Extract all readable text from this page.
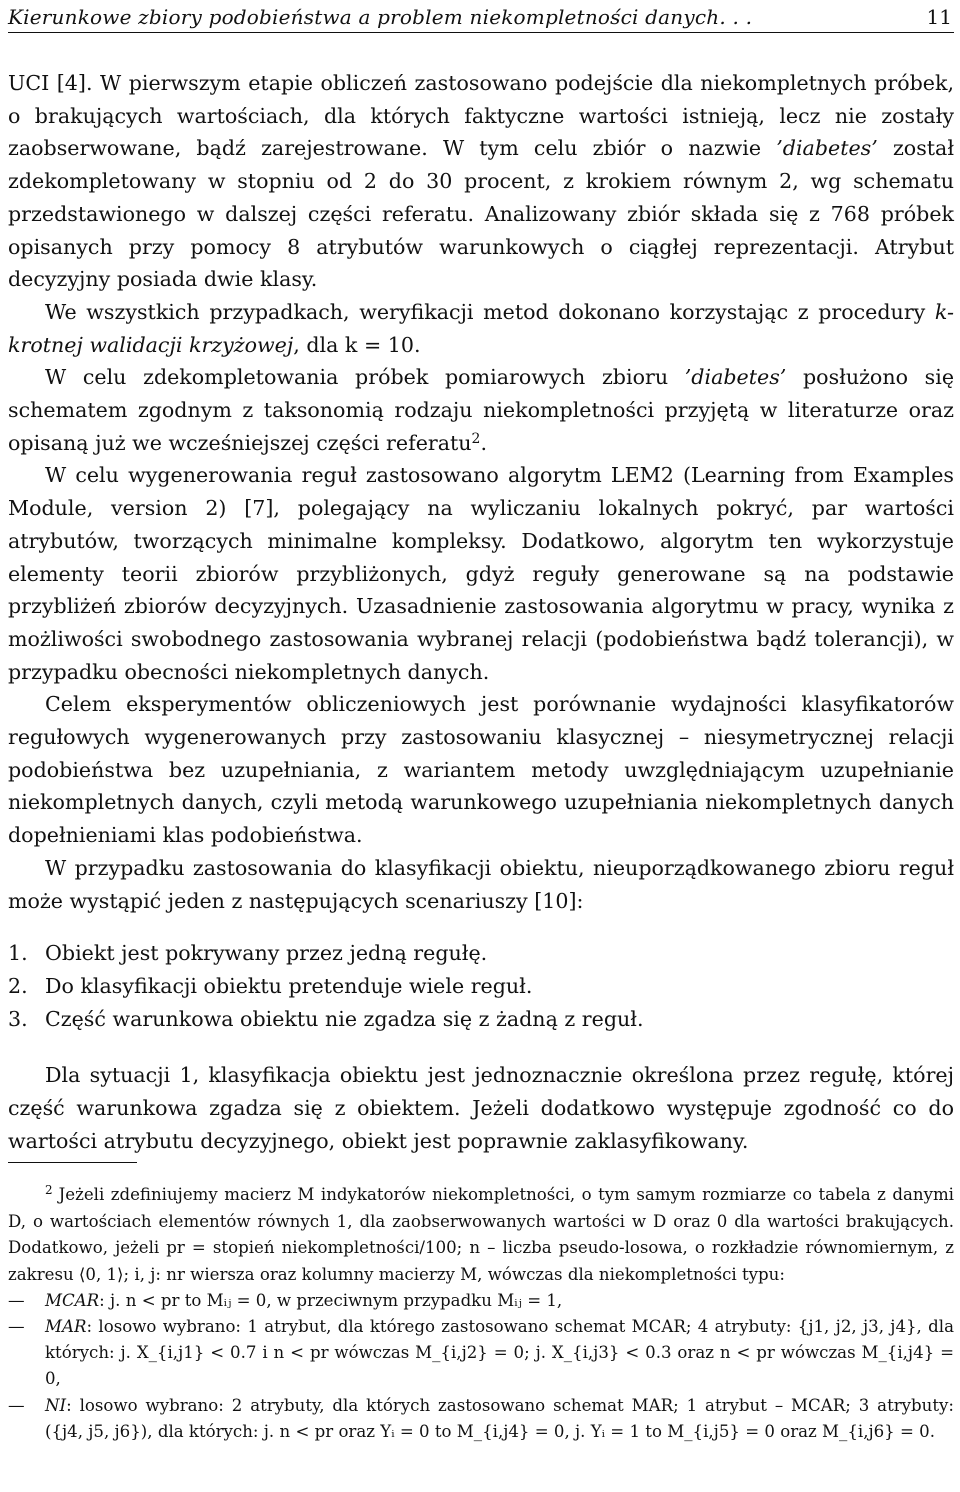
Kierunkowe zbiory podobieństwa a problem niekompletności danych. . .	11

UCI [4]. W pierwszym etapie obliczeń zastosowano podejście dla niekompletnych próbek, o brakujących wartościach, dla których faktyczne wartości istnieją, lecz nie zostały zaobserwowane, bądź zarejestrowane. W tym celu zbiór o nazwie ’diabetes’ został zdekompletowany w stopniu od 2 do 30 procent, z krokiem równym 2, wg schematu przedstawionego w dalszej części referatu. Analizowany zbiór składa się z 768 próbek opisanych przy pomocy 8 atrybutów warunkowych o ciągłej reprezentacji. Atrybut decyzyjny posiada dwie klasy.

We wszystkich przypadkach, weryfikacji metod dokonano korzystając z procedury k-krotnej walidacji krzyżowej, dla k = 10.

W celu zdekompletowania próbek pomiarowych zbioru ’diabetes’ posłużono się schematem zgodnym z taksonomią rodzaju niekompletności przyjętą w literaturze oraz opisaną już we wcześniejszej części referatu$^2$.

W celu wygenerowania reguł zastosowano algorytm LEM2 (Learning from Examples Module, version 2) [7], polegający na wyliczaniu lokalnych pokryć, par wartości atrybutów, tworzących minimalne kompleksy. Dodatkowo, algorytm ten wykorzystuje elementy teorii zbiorów przybliżonych, gdyż reguły generowane są na podstawie przybliżeń zbiorów decyzyjnych. Uzasadnienie zastosowania algorytmu w pracy, wynika z możliwości swobodnego zastosowania wybranej relacji (podobieństwa bądź tolerancji), w przypadku obecności niekompletnych danych.

Celem eksperymentów obliczeniowych jest porównanie wydajności klasyfikatorów regułowych wygenerowanych przy zastosowaniu klasycznej – niesymetrycznej relacji podobieństwa bez uzupełniania, z wariantem metody uwzględniającym uzupełnianie niekompletnych danych, czyli metodą warunkowego uzupełniania niekompletnych danych dopełnieniami klas podobieństwa.

W przypadku zastosowania do klasyfikacji obiektu, nieuporządkowanego zbioru reguł może wystąpić jeden z następujących scenariuszy [10]:

1. Obiekt jest pokrywany przez jedną regułę.
2. Do klasyfikacji obiektu pretenduje wiele reguł.
3. Część warunkowa obiektu nie zgadza się z żadną z reguł.

Dla sytuacji 1, klasyfikacja obiektu jest jednoznacznie określona przez regułę, której część warunkowa zgadza się z obiektem. Jeżeli dodatkowo występuje zgodność co do wartości atrybutu decyzyjnego, obiekt jest poprawnie zaklasyfikowany.

$^2$ Jeżeli zdefiniujemy macierz M indykatorów niekompletności, o tym samym rozmiarze co tabela z danymi D, o wartościach elementów równych 1, dla zaobserwowanych wartości w D oraz 0 dla wartości brakujących. Dodatkowo, jeżeli pr = stopień niekompletności/100; n – liczba pseudo-losowa, o rozkładzie równomiernym, z zakresu ⟨0, 1⟩; i, j: nr wiersza oraz kolumny macierzy M, wówczas dla niekompletności typu:

— MCAR: j. n < pr to Mᵢⱼ = 0, w przeciwnym przypadku Mᵢⱼ = 1,
— MAR: losowo wybrano: 1 atrybut, dla którego zastosowano schemat MCAR; 4 atrybuty: {j1, j2, j3, j4}, dla których: j. X_{i,j1} < 0.7 i n < pr wówczas M_{i,j2} = 0; j. X_{i,j3} < 0.3 oraz n < pr wówczas M_{i,j4} = 0,
— NI: losowo wybrano: 2 atrybuty, dla których zastosowano schemat MAR; 1 atrybut – MCAR; 3 atrybuty: ({j4, j5, j6}), dla których: j. n < pr oraz Yᵢ = 0 to M_{i,j4} = 0, j. Yᵢ = 1 to M_{i,j5} = 0 oraz M_{i,j6} = 0.
